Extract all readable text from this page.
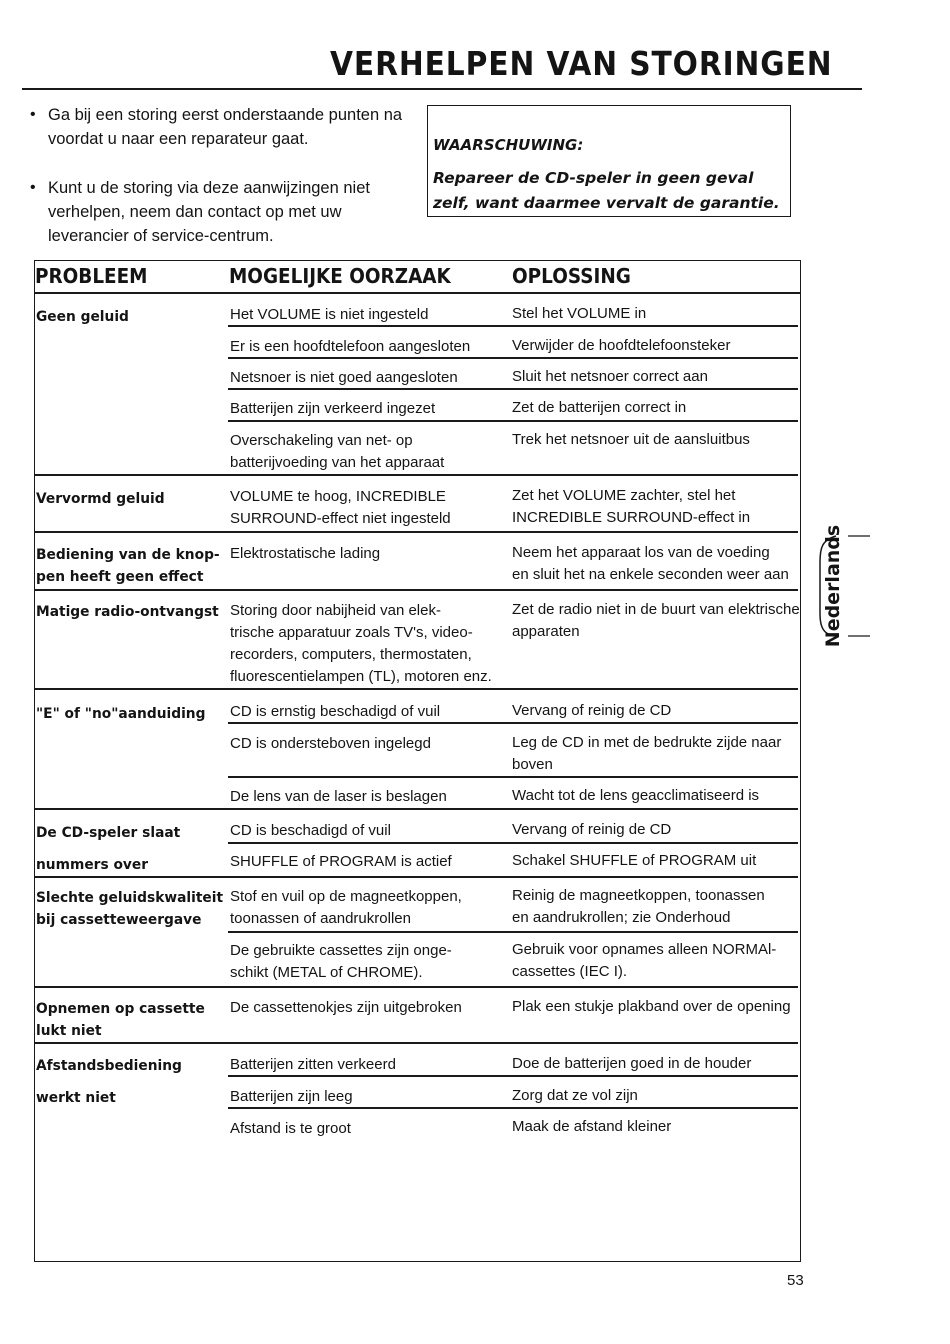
VERHELPEN VAN STORINGEN
• Ga bij een storing eerst onderstaande punten na voordat u naar een reparateur gaat.
• Kunt u de storing via deze aanwijzingen niet verhelpen, neem dan contact op met uw leverancier of service-centrum.
WAARSCHUWING:
Repareer de CD-speler in geen geval
zelf, want daarmee vervalt de garantie.
PROBLEEM	MOGELIJKE OORZAAK	OPLOSSING
Geen geluid
Vervormd geluid
Bediening van de knop-
pen heeft geen effect
Matige radio-ontvangst
"E" of "no"aanduiding
De CD-speler slaat
nummers over
Slechte geluidskwaliteit
bij cassetteweergave
Opnemen op cassette
lukt niet
Afstandsbediening
werkt niet
Het VOLUME is niet ingesteld
Er is een hoofdtelefoon aangesloten
Netsnoer is niet goed aangesloten
Batterijen zijn verkeerd ingezet
Overschakeling van net- op
batterijvoeding van het apparaat
VOLUME te hoog, INCREDIBLE
SURROUND-effect niet ingesteld
Elektrostatische lading
Storing door nabijheid van elek-
trische apparatuur zoals TV's, video-
recorders, computers, thermostaten,
fluorescentielampen (TL), motoren enz.
CD is ernstig beschadigd of vuil
CD is ondersteboven ingelegd
De lens van de laser is beslagen
CD is beschadigd of vuil
SHUFFLE of PROGRAM is actief
Stof en vuil op de magneetkoppen,
toonassen of aandrukrollen
De gebruikte cassettes zijn onge-
schikt (METAL of CHROME).
De cassettenokjes zijn uitgebroken
Batterijen zitten verkeerd
Batterijen zijn leeg
Afstand is te groot
Stel het VOLUME in
Verwijder de hoofdtelefoonsteker
Sluit het netsnoer correct aan
Zet de batterijen correct in
Trek het netsnoer uit de aansluitbus
Zet het VOLUME zachter, stel het
INCREDIBLE SURROUND-effect in
Neem het apparaat los van de voeding
en sluit het na enkele seconden weer aan
Zet de radio niet in de buurt van elektrische
apparaten
Vervang of reinig de CD
Leg de CD in met de bedrukte zijde naar
boven
Wacht tot de lens geacclimatiseerd is
Vervang of reinig de CD
Schakel SHUFFLE of PROGRAM uit
Reinig de magneetkoppen, toonassen
en aandrukrollen; zie Onderhoud
Gebruik voor opnames alleen NORMAl-
cassettes (IEC I).
Plak een stukje plakband over de opening
Doe de batterijen goed in de houder
Zorg dat ze vol zijn
Maak de afstand kleiner
Nederlands
53
